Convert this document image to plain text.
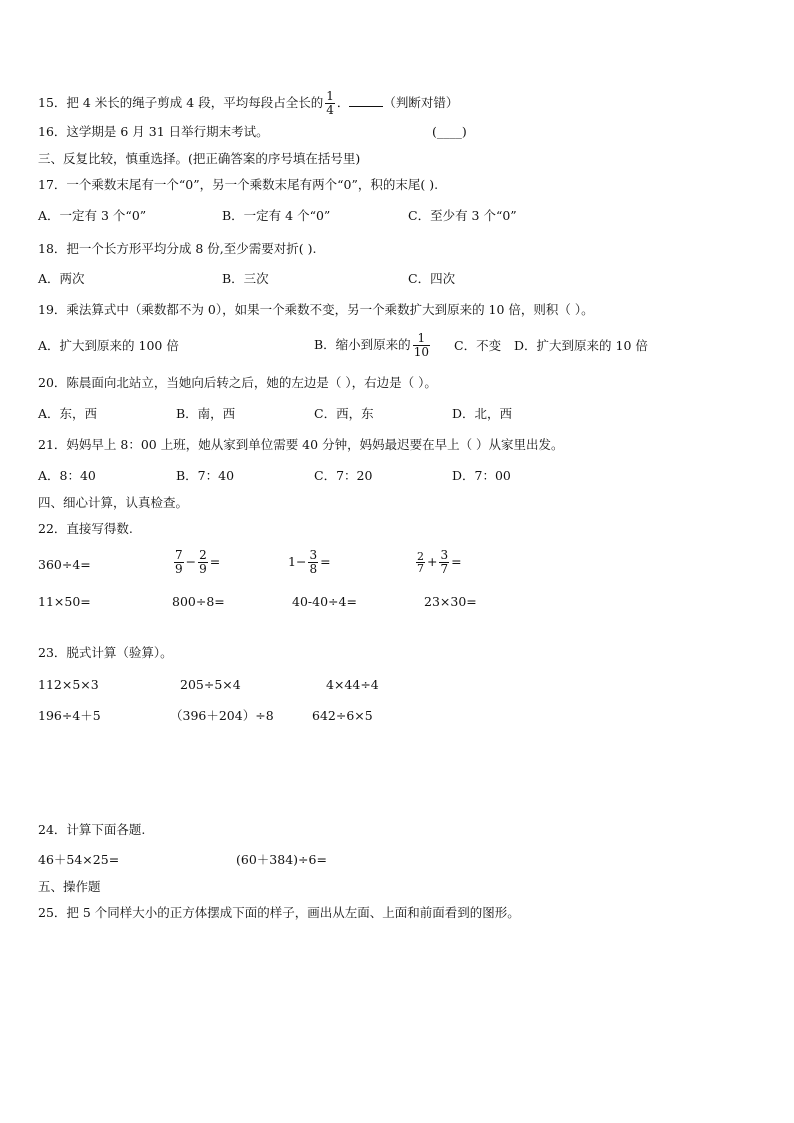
15．把 4 米长的绳子剪成 4 段，平均每段占全长的 $\frac{1}{4}$ ．	（判断对错）
16．这学期是 6 月 31 日举行期末考试。	(____)
三、反复比较，慎重选择。(把正确答案的序号填在括号里)
17．一个乘数末尾有一个“0”，另一个乘数末尾有两个“0”，积的末尾( ).
A．一定有 3 个“0”	B．一定有 4 个“0”	C．至少有 3 个“0”
18．把一个长方形平均分成 8 份,至少需要对折( ).
A．两次	B．三次	C．四次
19．乘法算式中（乘数都不为 0），如果一个乘数不变，另一个乘数扩大到原来的 10 倍，则积（ ）。
A．扩大到原来的 100 倍	B．缩小到原来的 $\frac{1}{10}$ C．不变 D．扩大到原来的 10 倍
20．陈晨面向北站立，当她向后转之后，她的左边是（ ），右边是（ ）。
A．东，西	B．南，西	C．西，东	D．北，西
21．妈妈早上 8：00 上班，她从家到单位需要 40 分钟，妈妈最迟要在早上（ ）从家里出发。
A．8：40	B．7：40	C．7：20	D．7：00
四、细心计算，认真检查。
22．直接写得数.
360÷4=	$\frac{7}{9} - \frac{2}{9}$ =	$1- \frac{3}{8}$ =	$\frac{2}{7} + \frac{3}{7}$ =
11×50=	800÷8=	40-40÷4=	23×30=
23．脱式计算（验算）。
112×5×3	205÷5×4	4×44÷4
196÷4＋5	（396＋204）÷8	642÷6×5
24．计算下面各题.
46＋54×25=	(60＋384)÷6=
五、操作题
25．把 5 个同样大小的正方体摆成下面的样子，画出从左面、上面和前面看到的图形。
